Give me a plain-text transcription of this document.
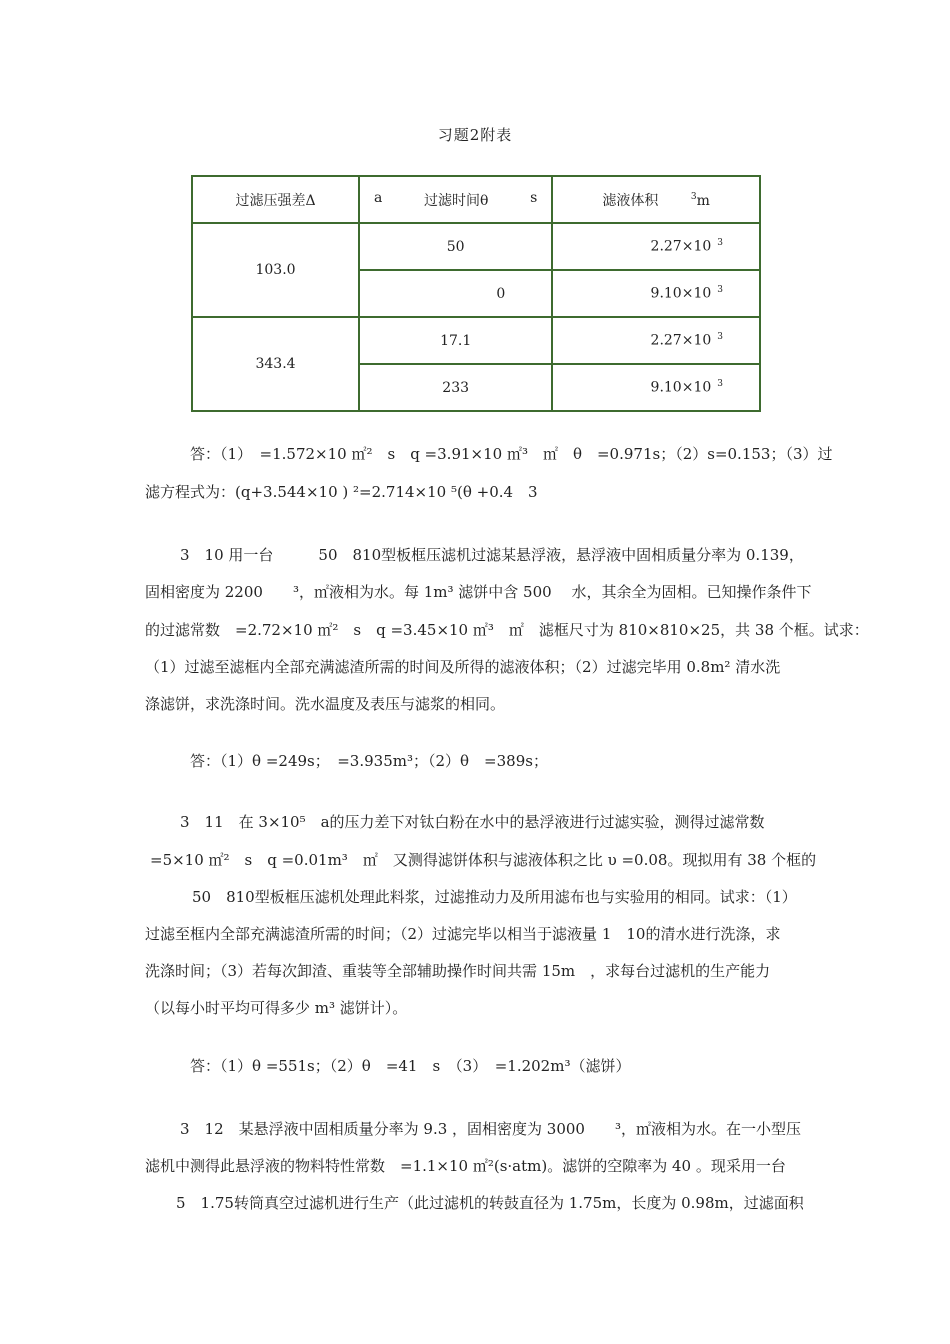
习题2附表
过滤压强差Δ	a 过滤时间θ s	滤液体积 $^3$m
103.0	50	2.27×10 $^3$
	0	9.10×10 $^3$
343.4	17.1	2.27×10 $^3$
	233	9.10×10 $^3$
答：（1）　=1.572×10 ㎡²　s　q =3.91×10 ㎡³　㎡　θ　=0.971s；（2）s=0.153；（3）过
滤方程式为：(q+3.544×10 ) ²=2.714×10 ⁵(θ +0.4　3
3　10 用一台　　　50　810型板框压滤机过滤某悬浮液，悬浮液中固相质量分率为 0.139，
固相密度为 2200　　³，㎡液相为水。每 1m³ 滤饼中含 500　 水，其余全为固相。已知操作条件下
的过滤常数　=2.72×10 ㎡²　s　q =3.45×10 ㎡³　㎡　滤框尺寸为 810×810×25，共 38 个框。试求：
（1）过滤至滤框内全部充满滤渣所需的时间及所得的滤液体积；（2）过滤完毕用 0.8m² 清水洗
涤滤饼，求洗涤时间。洗水温度及表压与滤浆的相同。
答：（1）θ =249s；　=3.935m³；（2）θ　=389s；
3　11　在 3×10⁵　a的压力差下对钛白粉在水中的悬浮液进行过滤实验，测得过滤常数
=5×10 ㎡²　s　q =0.01m³　㎡　又测得滤饼体积与滤液体积之比 υ =0.08。现拟用有 38 个框的
50　810型板框压滤机处理此料浆，过滤推动力及所用滤布也与实验用的相同。试求：（1）
过滤至框内全部充满滤渣所需的时间；（2）过滤完毕以相当于滤液量 1　10的清水进行洗涤，求
洗涤时间；（3）若每次卸渣、重装等全部辅助操作时间共需 15m　，求每台过滤机的生产能力
（以每小时平均可得多少 m³ 滤饼计）。
答：（1）θ =551s；（2）θ　=41　s　（3）　=1.202m³（滤饼）
3　12　某悬浮液中固相质量分率为 9.3 ，固相密度为 3000　　³，㎡液相为水。在一小型压
滤机中测得此悬浮液的物料特性常数　=1.1×10 ㎡²(s·atm)。滤饼的空隙率为 40 。现采用一台
5　1.75转筒真空过滤机进行生产（此过滤机的转鼓直径为 1.75m，长度为 0.98m，过滤面积
